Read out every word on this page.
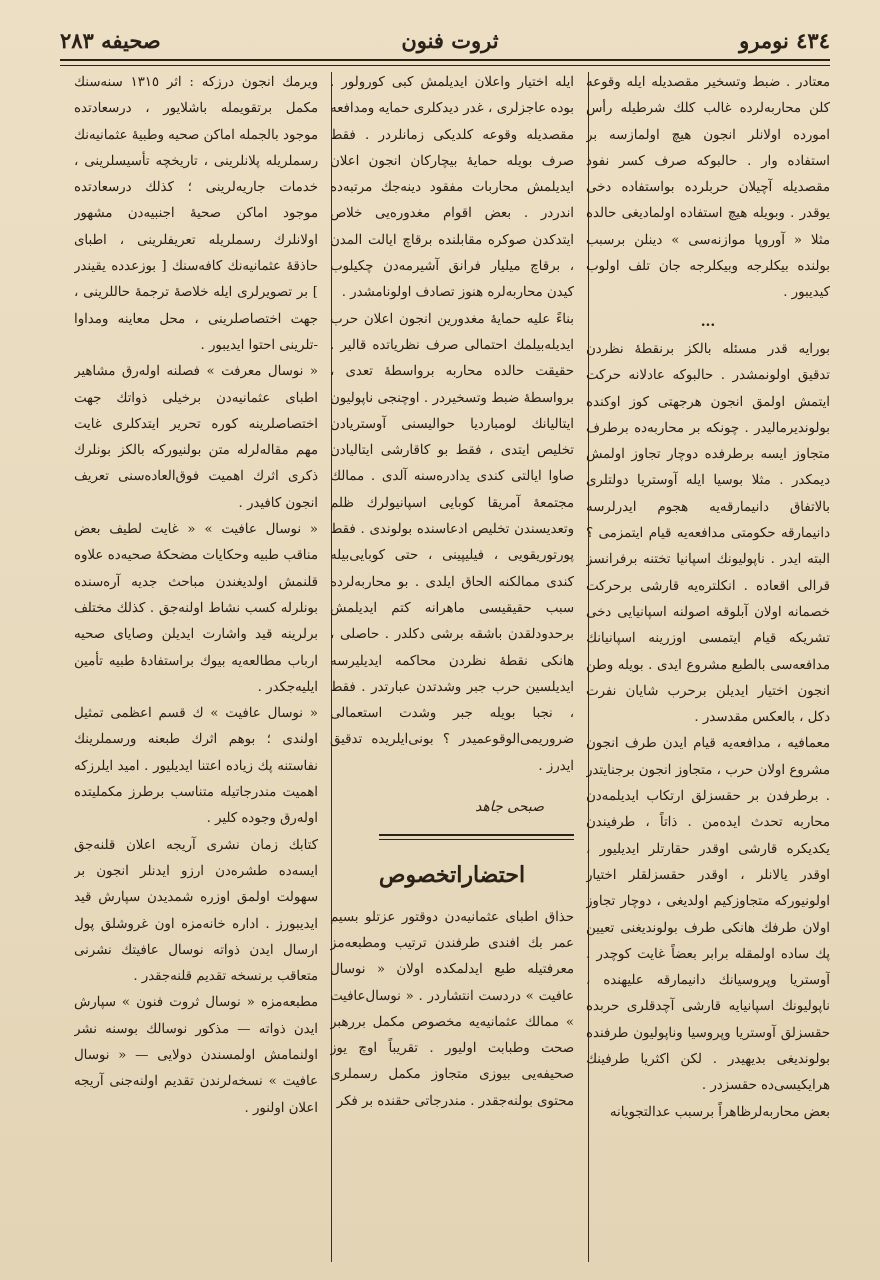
٤٣٤ نومرو
ثروت فنون
صحیفه ٢٨٣

معتادر . ضبط وتسخیر مقصدیله ایله وقوعه کلن محاربه‌لرده غالب کلك شرطیله رأس امورده اولانلر انجون هیچ اولمازسه بر استفاده وار . حالبوکه صرف کسر نفوذ مقصدیله آچیلان حربلرده بواستفاده دخی یوقدر . وبویله هیچ استفاده اولمادیغی حالده مثلا « آوروپا موازنه‌سی » دینلن برسبب بولنده بیکلرجه وبیکلرجه جان تلف اولوب کیدیبور .

...

بورایه قدر مسئله بالکز برنقطهٔ نظردن تدقیق اولونمشدر . حالبوکه عادلانه حرکت ایتمش اولمق انجون هرجهتی کوز اوکنده بولوندیرمالیدر . چونکه بر محاربه‌ده برطرف متجاوز ایسه برطرفده دوچار تجاوز اولمش دیمکدر . مثلا بوسیا ایله آوستریا دولتلری بالاتفاق دانیمارقه‌یه هجوم ایدرلرسه دانیمارقه حکومتی مدافعه‌یه قیام ایتمزمی ؟ البته ایدر . ناپولیونك اسپانیا تختنه برفرانسز قرالی اقعاده . انکلتره‌یه قارشی برحرکت خصمانه اولان آبلوقه اصولنه اسپانیایی دخی تشریکه قیام ایتمسی اوزرینه اسپانیانك مدافعه‌سی بالطبع مشروع ایدی . بویله وطن انجون اختیار ایدیلن برحرب شایان نفرت دکل ، بالعکس مقدسدر .

معمافیه ، مدافعه‌یه قیام ایدن طرف انجون مشروع اولان حرب ، متجاوز انجون برجنایتدر . برطرفدن بر حقسزلق ارتکاب ایدیلمه‌دن محاربه تحدث ایده‌من . ذاتاً ، طرفیندن یکدیکره قارشی اوقدر حقارتلر ایدیلیور ، اوقدر یالانلر ، اوقدر حقسزلقلر اختیار اولونیورکه متجاوزکیم اولدیغی ، دوچار تجاوز اولان طرفك هانکی طرف بولوندیغنی تعیین پك ساده اولمقله برابر بعضاً غایت کوچدر . آوستریا وپروسیانك دانیمارقه علیهنده ، ناپولیونك اسپانیایه قارشی آچدقلری حربده حقسزلق آوستریا وپروسیا وناپولیون طرفنده بولوندیغی بدیهیدر . لکن اکثریا طرفینك هرایکیسی‌ده حقسزدر .

بعض محاربه‌لرظاهراً برسبب عدالتجویانه

ایله اختیار واعلان ایدیلمش کبی کورولور . بوده عاجزلری ، غدر دیدکلری حمایه ومدافعه مقصدیله وقوعه کلدیکی زمانلردر . فقط صرف بویله حمایهٔ بیچارکان انجون اعلان ایدیلمش محاربات مفقود دینه‌جك مرتبه‌ده اندردر . بعض اقوام مغدوره‌یی خلاص ایتدکدن صوکره مقابلنده برقاچ ایالت المدن ، برقاچ میلیار فرانق آشیرمه‌دن چکیلوب کیدن محاربه‌لره هنوز تصادف اولونامشدر .

بناءً علیه حمایهٔ مغدورین انجون اعلان حرب ایدیله‌بیلمك احتمالی صرف نظریاتده قالیر . حقیقت حالده محاربه برواسطهٔ تعدی ، برواسطهٔ ضبط وتسخیردر . اوچنجی ناپولیون ایتالیانك لومباردیا حوالیسنی آوستریادن تخلیص ایتدی ، فقط بو کاقارشی ایتالیادن صاوا ایالتی کندی یدادره‌سنه آلدی . ممالك مجتمعهٔ آمریقا کوبایی اسپانیولرك ظلم وتعدیسندن تخلیص ادعاسنده بولوندی . فقط پورتوریقویی ، فیلیپینی ، حتی کوبایی‌بیله کندی ممالکنه الحاق ایلدی . بو محاربه‌لرده سبب حقیقیسی ماهرانه کتم ایدیلمش برحدودلقدن باشقه برشی دکلدر . حاصلی ، هانکی نقطهٔ نظردن محاکمه ایدیلیرسه ایدیلسین حرب جبر وشدتدن عبارتدر . فقط ، نجبا بویله جبر وشدت استعمالی ضروریمی‌الوقوعمیدر ؟ بونی‌ایلریده تدقیق ایدرز .

صبحی جاهد
احتضاراتخصوص

حذاق اطبای عثمانیه‌دن دوقتور عزتلو بسیم عمر بك افندی طرفندن ترتیب ومطبعه‌مز معرفتیله طبع ایدلمکده اولان « نوسال عافیت » دردست انتشاردر . « نوسال‌عافیت » ممالك عثمانیه‌یه مخصوص مکمل بررهبر صحت وطبابت اولیور . تقریباً اوچ یوز صحیفه‌یی بیوزی متجاوز مکمل رسملری محتوی بولنه‌جقدر . مندرجاتی حقنده بر فکر

ویرمك انجون درزکه : اثر ١٣١٥ سنه‌سنك مکمل برتقویمله باشلایور ، درسعادتده موجود بالجمله اماکن صحیه وطبیهٔ عثمانیه‌نك رسملریله پلانلرینی ، تاریخچه تأسیسلرینی ، خدمات جاریه‌لرینی ؛ کذلك درسعادتده موجود اماکن صحیهٔ اجنبیه‌دن مشهور اولانلرك رسملریله تعریفلرینی ، اطبای حاذقهٔ عثمانیه‌نك کافه‌سنك [ بوزعدده یقیندر ] بر تصویرلری ایله خلاصهٔ ترجمهٔ حاللرینی ، جهت اختصاصلرینی ، محل معاینه ومداوا -تلرینی احتوا ایدیبور .

« نوسال معرفت » فصلنه اوله‌رق مشاهیر اطبای عثمانیه‌دن برخیلی ذواتك جهت اختصاصلرینه کوره تحریر ایتدکلری غایت مهم مقاله‌لرله متن بولنیورکه بالکز بونلرك ذکری اثرك اهمیت فوق‌العاده‌سنی تعریف انجون کافیدر .

« نوسال عافیت » « غایت لطیف بعض مناقب طبیه وحکایات مضحکهٔ صحیه‌ده علاوه قلنمش اولدیغندن مباحث جدیه آره‌سنده بونلرله کسب نشاط اولنه‌جق . کذلك مختلف برلرینه قید واشارت ایدیلن وصایای صحیه ارباب مطالعه‌یه بیوك براستفادهٔ طبیه تأمین ایلیه‌جکدر .

« نوسال عافیت » ك قسم اعظمی تمثیل اولندی ؛ بوهم اثرك طبعنه ورسملرینك نفاستنه پك زیاده اعتنا ایدیلیور . امید ایلرزکه اهمیت مندرجاتیله متناسب برطرز مکملیتده اوله‌رق وجوده کلیر .

کتابك زمان نشری آریجه اعلان قلنه‌جق ایسه‌ده طشره‌دن ارزو ایدنلر انجون بر سهولت اولمق اوزره شمدیدن سپارش قید ایدیبورز . اداره خانه‌مزه اون غروشلق پول ارسال ایدن ذواته نوسال عافیتك نشرنی متعاقب برنسخه تقدیم قلنه‌جقدر .

مطبعه‌مزه « نوسال ثروت فنون » سپارش ایدن ذواته — مذکور نوسالك بوسنه نشر اولنمامش اولمسندن دولایی — « نوسال عافیت » نسخه‌لرندن تقدیم اولنه‌جنی آریجه اعلان اولنور .
